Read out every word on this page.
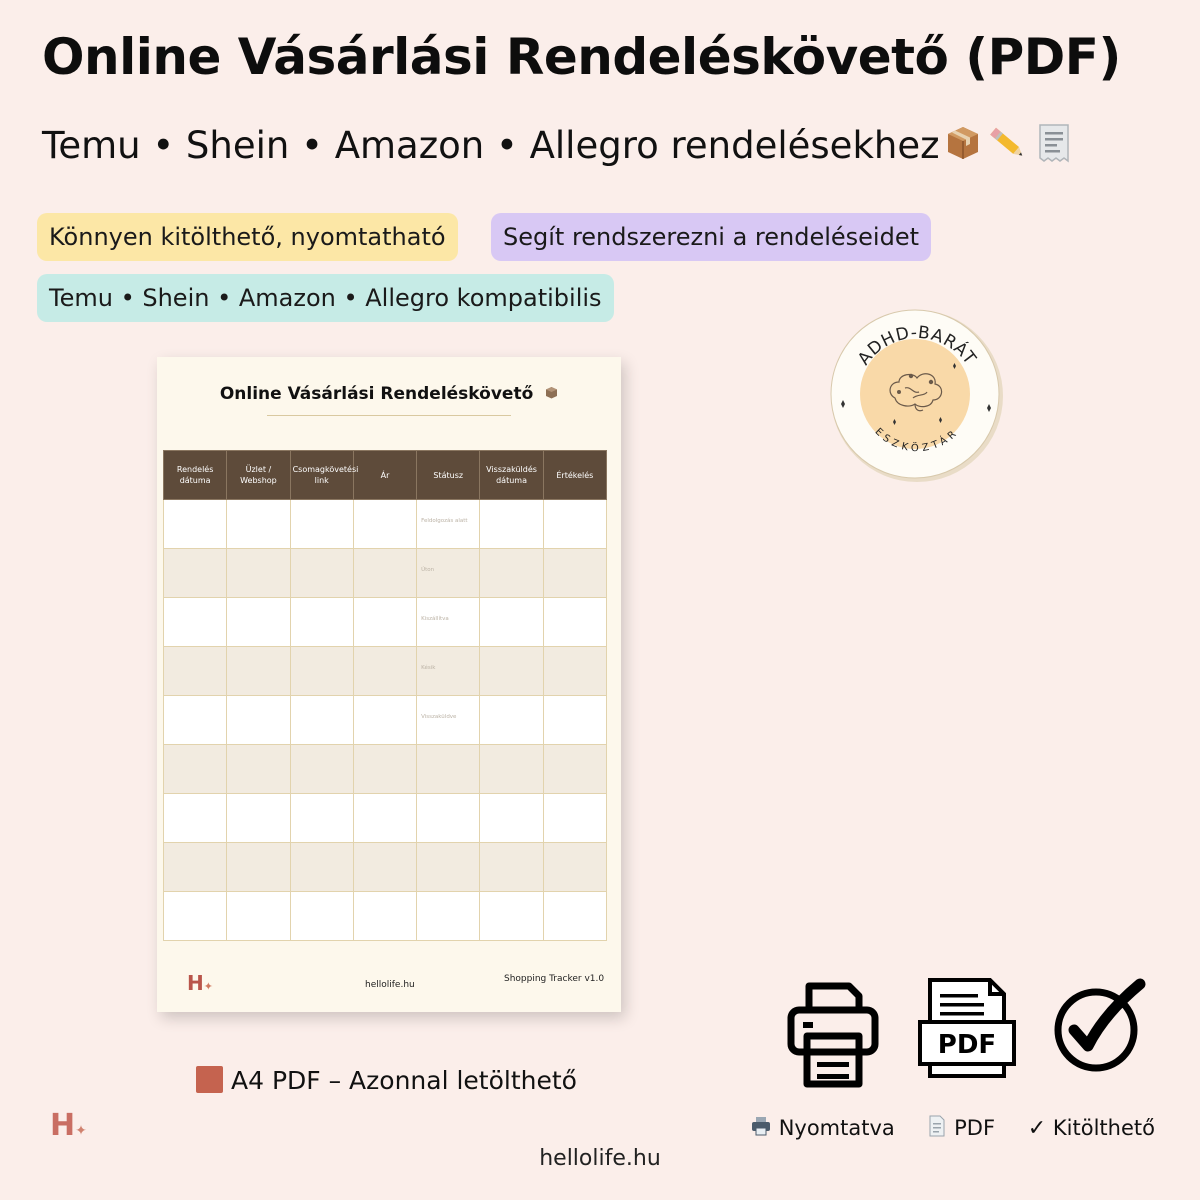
Online Vásárlási Rendeléskövető (PDF)
Temu • Shein • Amazon • Allegro rendelésekhez
Könnyen kitölthető, nyomtatható	Segít rendszerezni a rendeléseidet
Temu • Shein • Amazon • Allegro kompatibilis
ADHD-BARÁT
ESZKÖZTÁR
Online Vásárlási Rendeléskövető
Rendelés dátuma	Üzlet / Webshop	Csomagkövetési link	Ár	Státusz	Visszaküldés dátuma	Értékelés

				Feldolgozás alatt		

				Úton		

				Kiszállítva		

				Késik		

				Visszaküldve		

H✦	hellolife.hu
Shopping Tracker v1.0
A4 PDF – Azonnal letölthető
H✦
PDF
Nyomtatva	PDF ✓ Kitölthető
hellolife.hu
